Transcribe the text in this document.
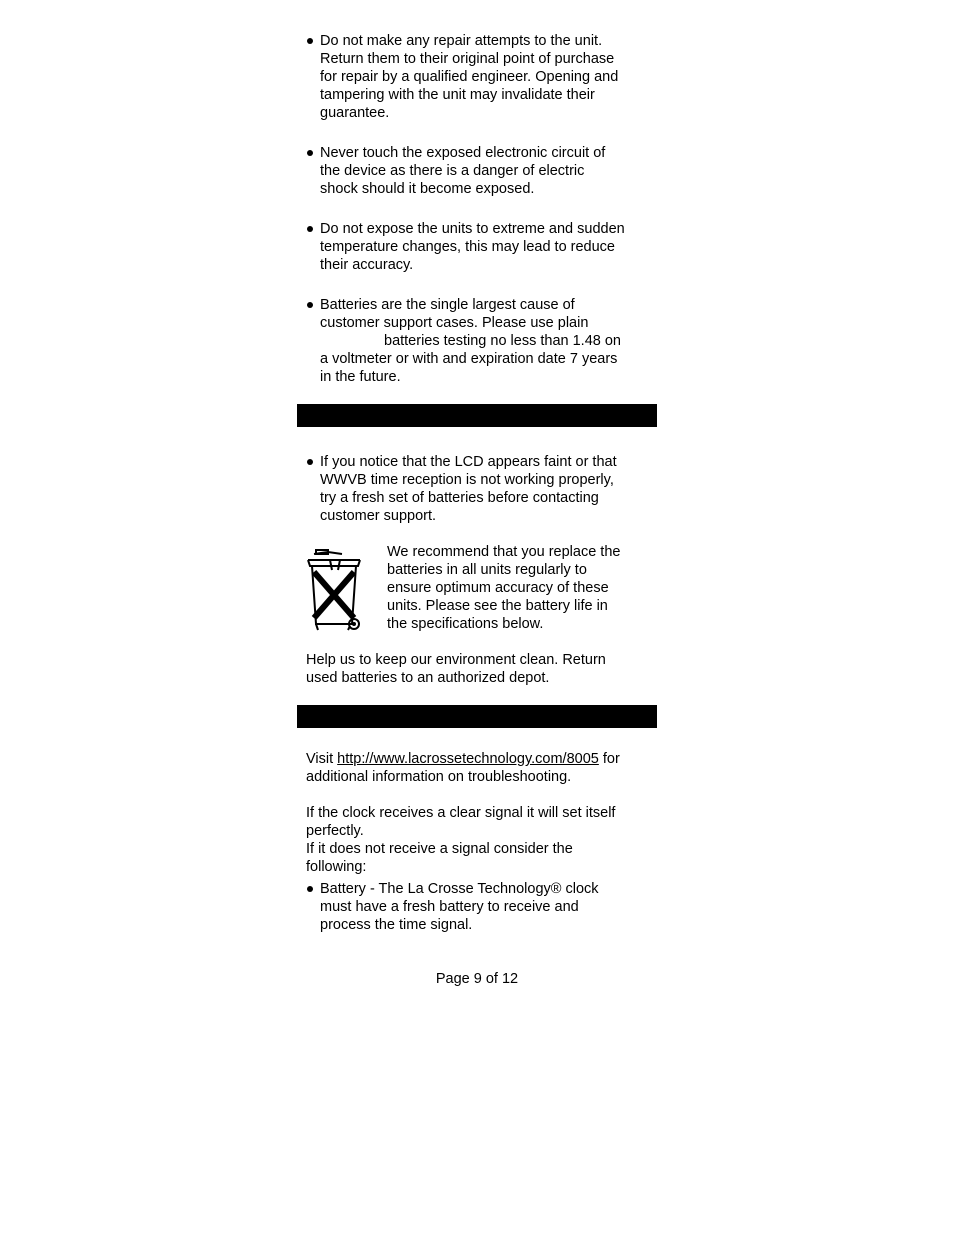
Do not make any repair attempts to the unit.
Return them to their original point of purchase
for repair by a qualified engineer. Opening and
tampering with the unit may invalidate their
guarantee.
Never touch the exposed electronic circuit of
the device as there is a danger of electric
shock should it become exposed.
Do not expose the units to extreme and sudden
temperature changes, this may lead to reduce
their accuracy.
Batteries are the single largest cause of
customer support cases. Please use plain
batteries testing no less than 1.48 on
a voltmeter or with and expiration date 7 years
in the future.
If you notice that the LCD appears faint or that
WWVB time reception is not working properly,
try a fresh set of batteries before contacting
customer support.
We recommend that you replace the
batteries in all units regularly to
ensure optimum accuracy of these
units. Please see the battery life in
the specifications below.
Help us to keep our environment clean. Return
used batteries to an authorized depot.
Visit http://www.lacrossetechnology.com/8005 for
additional information on troubleshooting.
If the clock receives a clear signal it will set itself
perfectly.
If it does not receive a signal consider the
following:
Battery - The La Crosse Technology® clock
must have a fresh battery to receive and
process the time signal.
Page 9 of 12
